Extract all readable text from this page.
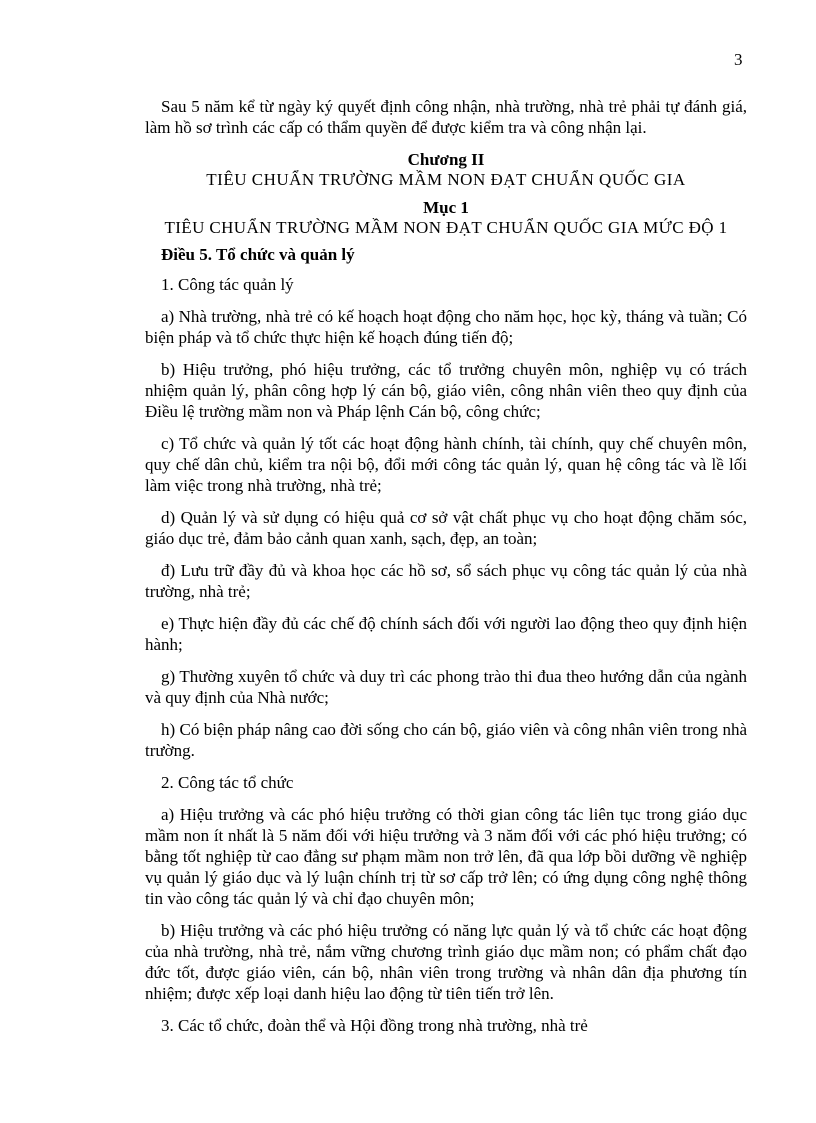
3

Sau 5 năm kể từ ngày ký quyết định công nhận, nhà trường, nhà trẻ phải tự đánh giá, làm hồ sơ trình các cấp có thẩm quyền để được kiểm tra và công nhận lại.

Chương II

TIÊU CHUẨN TRƯỜNG MẦM NON ĐẠT CHUẨN QUỐC GIA

Mục 1

TIÊU CHUẨN TRƯỜNG MẦM NON ĐẠT CHUẨN QUỐC GIA MỨC ĐỘ 1

Điều 5. Tổ chức và quản lý

1. Công tác quản lý

a) Nhà trường, nhà trẻ có kế hoạch hoạt động cho năm học, học kỳ, tháng và tuần; Có biện pháp và tổ chức thực hiện kế hoạch đúng tiến độ;

b) Hiệu trưởng, phó hiệu trưởng, các tổ trưởng chuyên môn, nghiệp vụ có trách nhiệm quản lý, phân công hợp lý cán bộ, giáo viên, công nhân viên theo quy định của Điều lệ trường mầm non và Pháp lệnh Cán bộ, công chức;

c) Tổ chức và quản lý tốt các hoạt động hành chính, tài chính, quy chế chuyên môn, quy chế dân chủ, kiểm tra nội bộ, đổi mới công tác quản lý, quan hệ công tác và lề lối làm việc trong nhà trường, nhà trẻ;

d) Quản lý và sử dụng có hiệu quả cơ sở vật chất phục vụ cho hoạt động chăm sóc, giáo dục trẻ, đảm bảo cảnh quan xanh, sạch, đẹp, an toàn;

đ) Lưu trữ đầy đủ và khoa học các hồ sơ, sổ sách phục vụ công tác quản lý của nhà trường, nhà trẻ;

e) Thực hiện đầy đủ các chế độ chính sách đối với người lao động theo quy định hiện hành;

g) Thường xuyên tổ chức và duy trì các phong trào thi đua theo hướng dẫn của ngành và quy định của Nhà nước;

h) Có biện pháp nâng cao đời sống cho cán bộ, giáo viên và công nhân viên trong nhà trường.

2. Công tác tổ chức

a) Hiệu trưởng và các phó hiệu trưởng có thời gian công tác liên tục trong giáo dục mầm non ít nhất là 5 năm đối với hiệu trưởng và 3 năm đối với các phó hiệu trưởng; có bằng tốt nghiệp từ cao đẳng sư phạm mầm non trở lên, đã qua lớp bồi dưỡng về nghiệp vụ quản lý giáo dục và lý luận chính trị từ sơ cấp trở lên; có ứng dụng công nghệ thông tin vào công tác quản lý và chỉ đạo chuyên môn;

b) Hiệu trưởng và các phó hiệu trưởng có năng lực quản lý và tổ chức các hoạt động của nhà trường, nhà trẻ, nắm vững chương trình giáo dục mầm non; có phẩm chất đạo đức tốt, được giáo viên, cán bộ, nhân viên trong trường và nhân dân địa phương tín nhiệm; được xếp loại danh hiệu lao động từ tiên tiến trở lên.

3. Các tổ chức, đoàn thể và Hội đồng trong nhà trường, nhà trẻ
